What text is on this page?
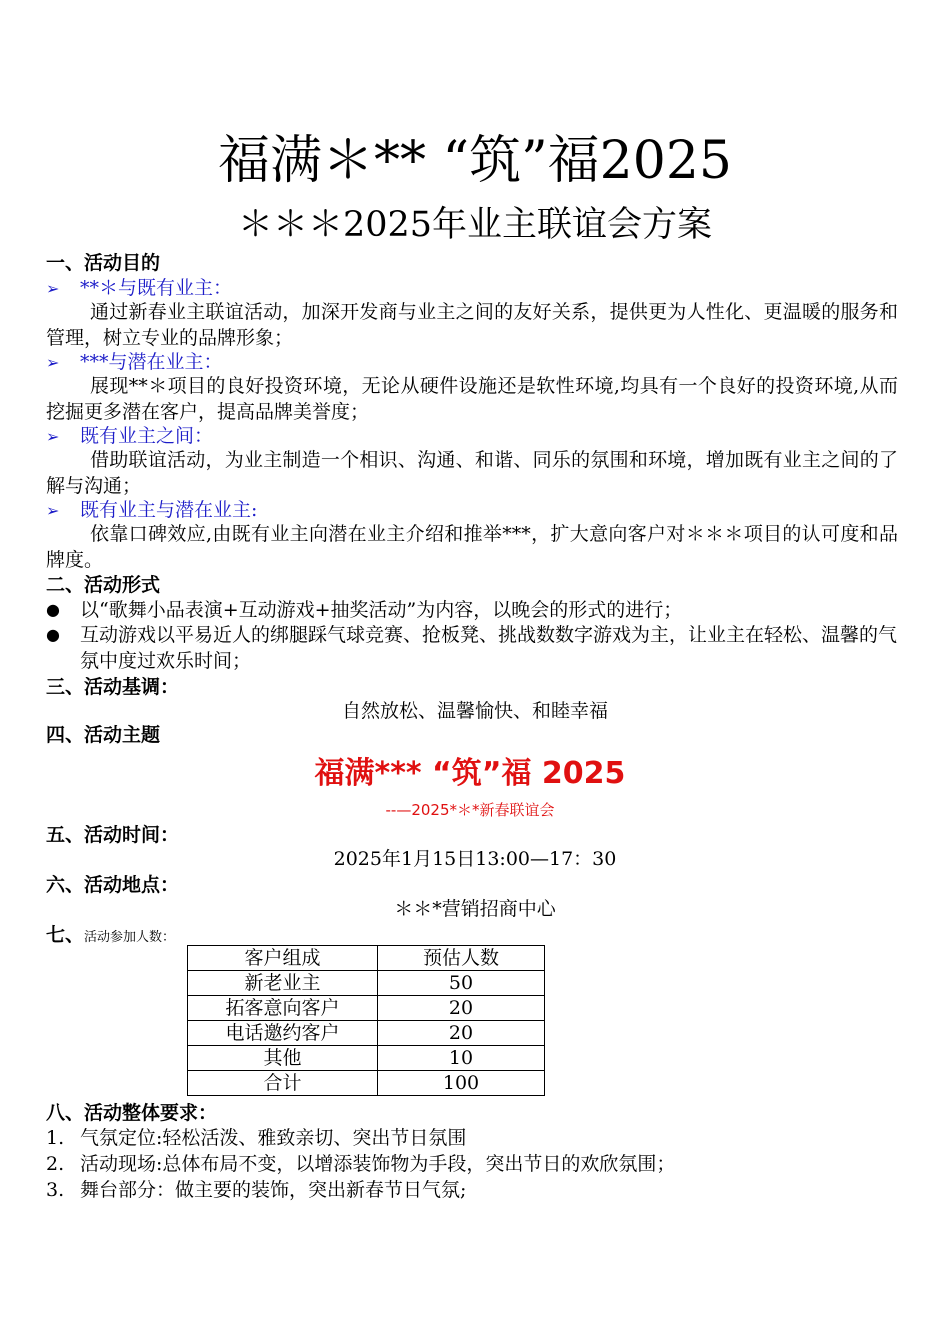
福满＊** “筑”福2025
＊＊＊2025年业主联谊会方案
一、活动目的
➢ **＊与既有业主：
通过新春业主联谊活动，加深开发商与业主之间的友好关系，提供更为人性化、更温暖的服务和管理，树立专业的品牌形象；
➢ ***与潜在业主：
展现**＊项目的良好投资环境，无论从硬件设施还是软性环境,均具有一个良好的投资环境,从而挖掘更多潜在客户，提高品牌美誉度；
➢ 既有业主之间：
借助联谊活动，为业主制造一个相识、沟通、和谐、同乐的氛围和环境，增加既有业主之间的了解与沟通；
➢ 既有业主与潜在业主:
依靠口碑效应,由既有业主向潜在业主介绍和推举***，扩大意向客户对＊＊＊项目的认可度和品牌度。
二、活动形式
● 以“歌舞小品表演+互动游戏+抽奖活动”为内容，以晚会的形式的进行；
● 互动游戏以平易近人的绑腿踩气球竞赛、抢板凳、挑战数数字游戏为主，让业主在轻松、温馨的气氛中度过欢乐时间；
三、活动基调：
自然放松、温馨愉快、和睦幸福
四、活动主题
福满*** “筑”福 2025
--—2025*＊*新春联谊会
五、活动时间：
2025年1月15日13:00—17：30
六、活动地点：
＊＊*营销招商中心
七、活动参加人数：
客户组成	预估人数
新老业主	50
拓客意向客户	20
电话邀约客户	20
其他	10
合计	100
八、活动整体要求：
1. 气氛定位:轻松活泼、雅致亲切、突出节日氛围
2. 活动现场:总体布局不变，以增添装饰物为手段，突出节日的欢欣氛围；
3. 舞台部分：做主要的装饰，突出新春节日气氛;
